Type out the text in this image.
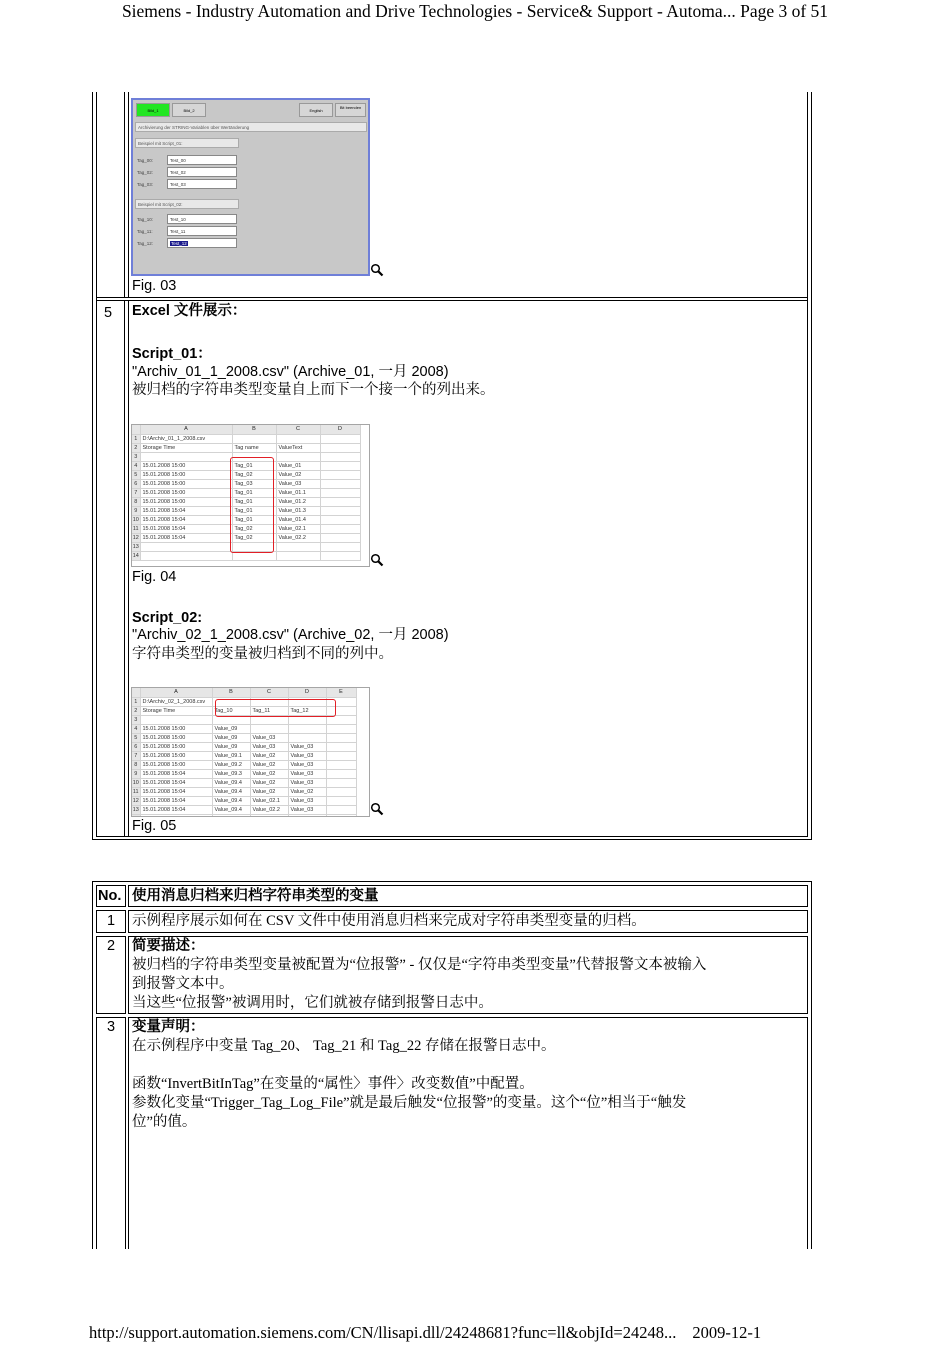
Siemens - Industry Automation and Drive Technologies - Service& Support - Automa... Page 3 of 51
Bild_1	Bild_2	English
Bit beenden
Archivierung der STRING-Variablen über Wertänderung
Beispiel mit Script_01:
Tag_00:	Test_00
Tag_02:	Test_02
Tag_03:	Test_03
Beispiel mit Script_02:
Tag_10:	Test_10
Tag_11:	Test_11
Tag_12:	Test_12
Fig. 03
5 Excel 文件展示：
Script_01：
"Archiv_01_1_2008.csv" (Archive_01, 一月 2008)
被归档的字符串类型变量自上而下一个接一个的列出来。
	A	B	C	D
1	D:\Archiv_01_1_2008.csv			
2	Storage Time	Tag name	ValueText	
3				
4	15.01.2008 15:00	Tag_01	Value_01	
5	15.01.2008 15:00	Tag_02	Value_02	
6	15.01.2008 15:00	Tag_03	Value_03	
7	15.01.2008 15:00	Tag_01	Value_01.1	
8	15.01.2008 15:00	Tag_01	Value_01.2	
9	15.01.2008 15:04	Tag_01	Value_01.3	
10	15.01.2008 15:04	Tag_01	Value_01.4	
11	15.01.2008 15:04	Tag_02	Value_02.1	
12	15.01.2008 15:04	Tag_02	Value_02.2	
13				
14				
Fig. 04
Script_02:
"Archiv_02_1_2008.csv" (Archive_02, 一月 2008)
字符串类型的变量被归档到不同的列中。
	A	B	C	D	E
1	D:\Archiv_02_1_2008.csv				
2	Storage Time	Tag_10	Tag_11	Tag_12	
3					
4	15.01.2008 15:00	Value_09			
5	15.01.2008 15:00	Value_09	Value_03		
6	15.01.2008 15:00	Value_09	Value_03	Value_03	
7	15.01.2008 15:00	Value_09.1	Value_02	Value_03	
8	15.01.2008 15:00	Value_09.2	Value_02	Value_03	
9	15.01.2008 15:04	Value_09.3	Value_02	Value_03	
10	15.01.2008 15:04	Value_09.4	Value_02	Value_03	
11	15.01.2008 15:04	Value_09.4	Value_02	Value_02	
12	15.01.2008 15:04	Value_09.4	Value_02.1	Value_03	
13	15.01.2008 15:04	Value_09.4	Value_02.2	Value_03	

Fig. 05
No. 使用消息归档来归档字符串类型的变量
1	示例程序展示如何在 CSV 文件中使用消息归档来完成对字符串类型变量的归档。
2	简要描述：
被归档的字符串类型变量被配置为“位报警” - 仅仅是“字符串类型变量”代替报警文本被输入
到报警文本中。
当这些“位报警”被调用时，它们就被存储到报警日志中。
3	变量声明：
在示例程序中变量 Tag_20、 Tag_21 和 Tag_22 存储在报警日志中。
函数“InvertBitInTag”在变量的“属性〉事件〉改变数值”中配置。
参数化变量“Trigger_Tag_Log_File”就是最后触发“位报警”的变量。这个“位”相当于“触发
位”的值。
http://support.automation.siemens.com/CN/llisapi.dll/24248681?func=ll&objId=24248... 2009-12-1
